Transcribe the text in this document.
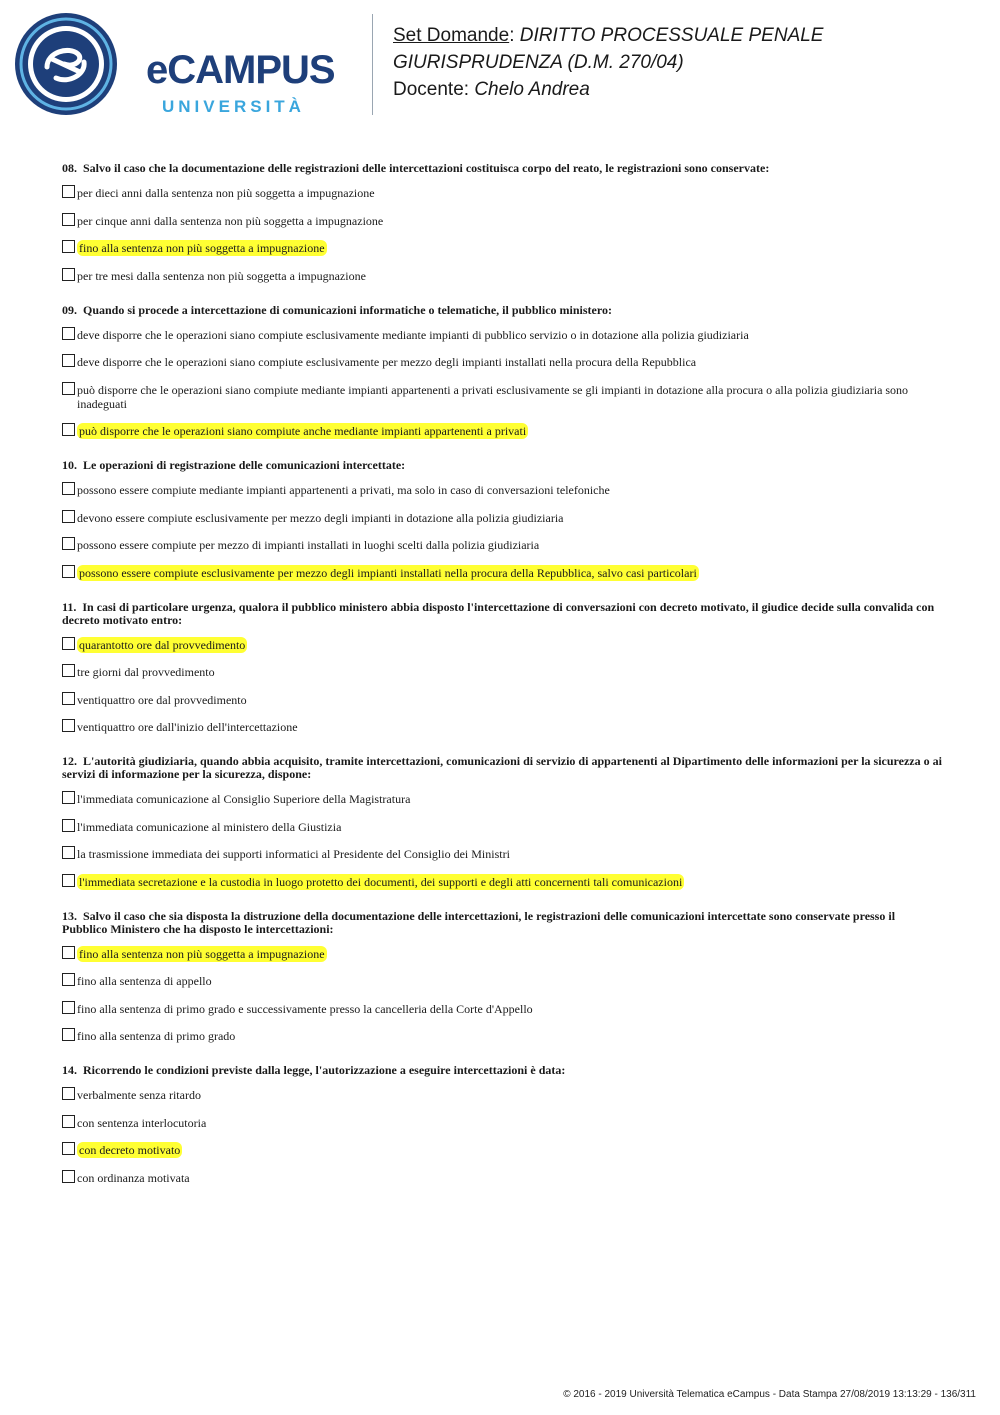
eCAMPUS
UNIVERSITÀ
Set Domande: DIRITTO PROCESSUALE PENALE
GIURISPRUDENZA (D.M. 270/04)
Docente: Chelo Andrea
08. Salvo il caso che la documentazione delle registrazioni delle intercettazioni costituisca corpo del reato, le registrazioni sono conservate:
per dieci anni dalla sentenza non più soggetta a impugnazione
per cinque anni dalla sentenza non più soggetta a impugnazione
fino alla sentenza non più soggetta a impugnazione
per tre mesi dalla sentenza non più soggetta a impugnazione
09. Quando si procede a intercettazione di comunicazioni informatiche o telematiche, il pubblico ministero:
deve disporre che le operazioni siano compiute esclusivamente mediante impianti di pubblico servizio o in dotazione alla polizia giudiziaria
deve disporre che le operazioni siano compiute esclusivamente per mezzo degli impianti installati nella procura della Repubblica
può disporre che le operazioni siano compiute mediante impianti appartenenti a privati esclusivamente se gli impianti in dotazione alla procura o alla polizia giudiziaria sono inadeguati
può disporre che le operazioni siano compiute anche mediante impianti appartenenti a privati
10. Le operazioni di registrazione delle comunicazioni intercettate:
possono essere compiute mediante impianti appartenenti a privati, ma solo in caso di conversazioni telefoniche
devono essere compiute esclusivamente per mezzo degli impianti in dotazione alla polizia giudiziaria
possono essere compiute per mezzo di impianti installati in luoghi scelti dalla polizia giudiziaria
possono essere compiute esclusivamente per mezzo degli impianti installati nella procura della Repubblica, salvo casi particolari
11. In casi di particolare urgenza, qualora il pubblico ministero abbia disposto l'intercettazione di conversazioni con decreto motivato, il giudice decide sulla convalida con decreto motivato entro:
quarantotto ore dal provvedimento
tre giorni dal provvedimento
ventiquattro ore dal provvedimento
ventiquattro ore dall'inizio dell'intercettazione
12. L'autorità giudiziaria, quando abbia acquisito, tramite intercettazioni, comunicazioni di servizio di appartenenti al Dipartimento delle informazioni per la sicurezza o ai servizi di informazione per la sicurezza, dispone:
l'immediata comunicazione al Consiglio Superiore della Magistratura
l'immediata comunicazione al ministero della Giustizia
la trasmissione immediata dei supporti informatici al Presidente del Consiglio dei Ministri
l'immediata secretazione e la custodia in luogo protetto dei documenti, dei supporti e degli atti concernenti tali comunicazioni
13. Salvo il caso che sia disposta la distruzione della documentazione delle intercettazioni, le registrazioni delle comunicazioni intercettate sono conservate presso il Pubblico Ministero che ha disposto le intercettazioni:
fino alla sentenza non più soggetta a impugnazione
fino alla sentenza di appello
fino alla sentenza di primo grado e successivamente presso la cancelleria della Corte d'Appello
fino alla sentenza di primo grado
14. Ricorrendo le condizioni previste dalla legge, l'autorizzazione a eseguire intercettazioni è data:
verbalmente senza ritardo
con sentenza interlocutoria
con decreto motivato
con ordinanza motivata
© 2016 - 2019 Università Telematica eCampus - Data Stampa 27/08/2019 13:13:29 - 136/311
